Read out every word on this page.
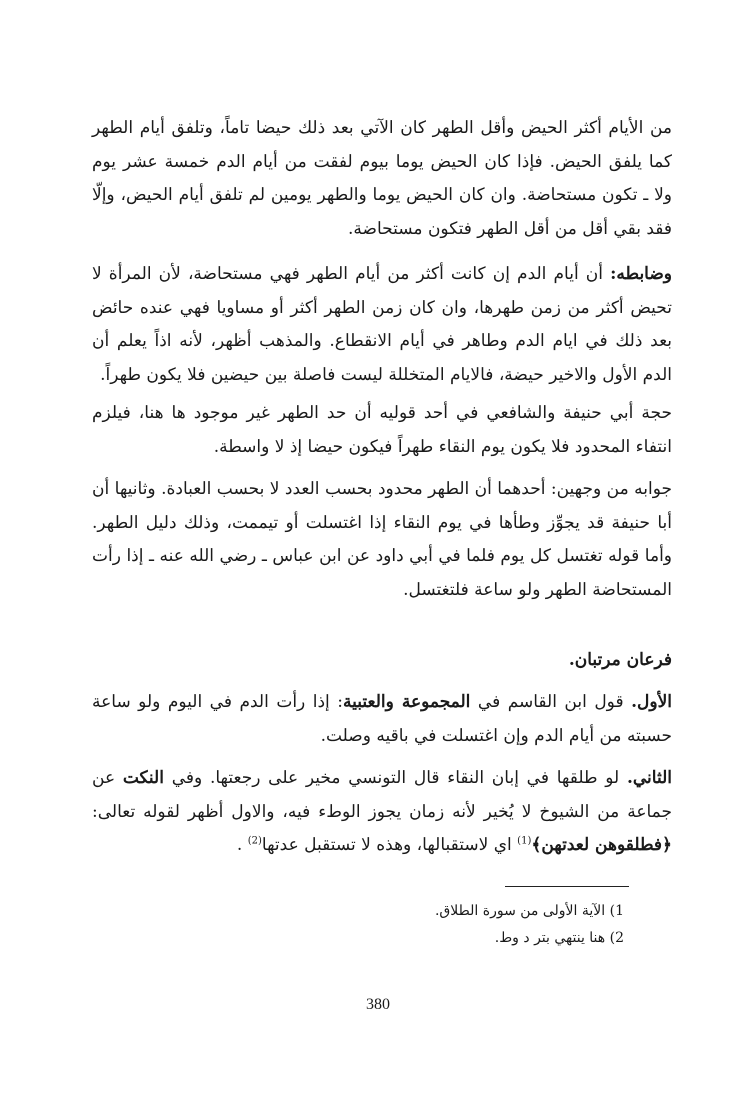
من الأيام أكثر الحيض وأقل الطهر كان الآتي بعد ذلك حيضا تاماً، وتلفق أيام الطهر كما يلفق الحيض. فإذا كان الحيض يوما بيوم لفقت من أيام الدم خمسة عشر يوم ولا ـ تكون مستحاضة. وان كان الحيض يوما والطهر يومين لم تلفق أيام الحيض، وإلّا فقد بقي أقل من أقل الطهر فتكون مستحاضة.

وضابطه: أن أيام الدم إن كانت أكثر من أيام الطهر فهي مستحاضة، لأن المرأة لا تحيض أكثر من زمن طهرها، وان كان زمن الطهر أكثر أو مساويا فهي عنده حائض بعد ذلك في ايام الدم وطاهر في أيام الانقطاع. والمذهب أظهر، لأنه اذاً يعلم أن الدم الأول والاخير حيضة، فالايام المتخللة ليست فاصلة بين حيضين فلا يكون طهراً.

حجة أبي حنيفة والشافعي في أحد قوليه أن حد الطهر غير موجود ها هنا، فيلزم انتفاء المحدود فلا يكون يوم النقاء طهراً فيكون حيضا إذ لا واسطة.

جوابه من وجهين: أحدهما أن الطهر محدود بحسب العدد لا بحسب العبادة. وثانيها أن أبا حنيفة قد يجوِّز وطأها في يوم النقاء إذا اغتسلت أو تيممت، وذلك دليل الطهر. وأما قوله تغتسل كل يوم فلما في أبي داود عن ابن عباس ـ رضي الله عنه ـ إذا رأت المستحاضة الطهر ولو ساعة فلتغتسل.

فرعان مرتبان.

الأول. قول ابن القاسم في المجموعة والعتبية: إذا رأت الدم في اليوم ولو ساعة حسبته من أيام الدم وإن اغتسلت في باقيه وصلت.

الثاني. لو طلقها في إبان النقاء قال التونسي مخير على رجعتها. وفي النكت عن جماعة من الشيوخ لا يُخير لأنه زمان يجوز الوطء فيه، والاول أظهر لقوله تعالى: ﴿فطلقوهن لعدتهن﴾$^{(1)}$ اي لاستقبالها، وهذه لا تستقبل عدتها$^{(2)}$ .

1) الآية الأولى من سورة الطلاق.

2) هنا ينتهي بتر د وط.

380
